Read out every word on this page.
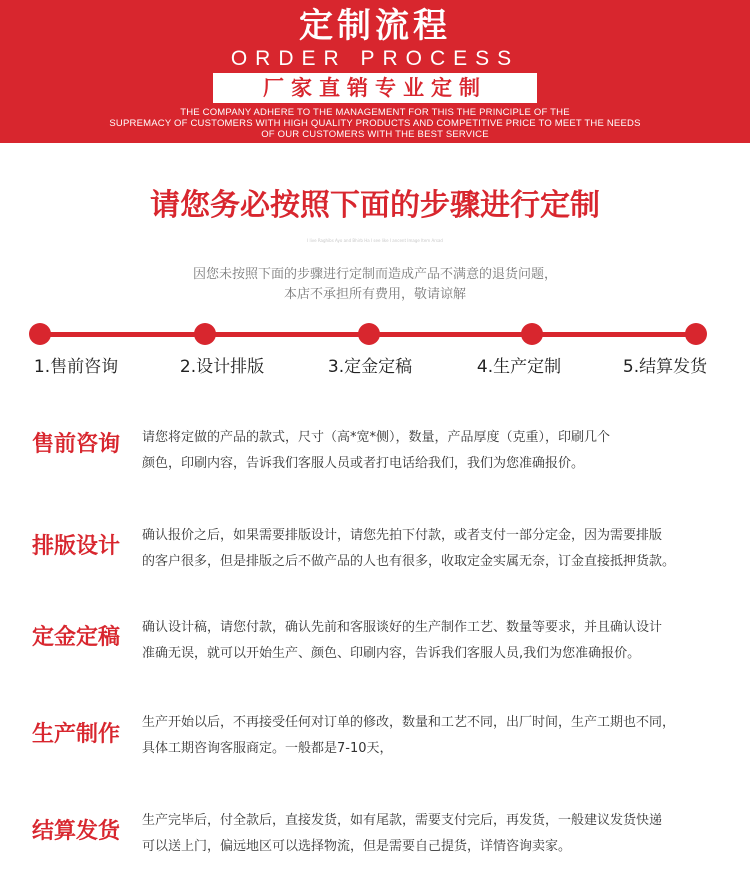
定制流程
ORDER PROCESS
厂家直销专业定制
THE COMPANY ADHERE TO THE MANAGEMENT FOR THIS THE PRINCIPLE OF THE
SUPREMACY OF CUSTOMERS WITH HIGH QUALITY PRODUCTS AND COMPETITIVE PRICE TO MEET THE NEEDS
OF OUR CUSTOMERS WITH THE BEST SERVICE
请您务必按照下面的步骤进行定制
I live Raghibs Ayo and Bhirb Ha I see like I ancent Image Item Arsad
因您未按照下面的步骤进行定制而造成产品不满意的退货问题，
本店不承担所有费用，敬请谅解
1.售前咨询	2.设计排版	3.定金定稿	4.生产定制	5.结算发货
售前咨询	请您将定做的产品的款式，尺寸（高*宽*侧），数量，产品厚度（克重），印刷几个
颜色，印刷内容，告诉我们客服人员或者打电话给我们，我们为您准确报价。
排版设计	确认报价之后，如果需要排版设计，请您先拍下付款，或者支付一部分定金，因为需要排版
的客户很多，但是排版之后不做产品的人也有很多，收取定金实属无奈，订金直接抵押货款。
定金定稿	确认设计稿，请您付款，确认先前和客服谈好的生产制作工艺、数量等要求，并且确认设计
准确无误，就可以开始生产、颜色、印刷内容，告诉我们客服人员,我们为您准确报价。
生产制作	生产开始以后，不再接受任何对订单的修改，数量和工艺不同，出厂时间，生产工期也不同，
具体工期咨询客服商定。一般都是7-10天，
结算发货	生产完毕后，付全款后，直接发货，如有尾款，需要支付完后，再发货，一般建议发货快递
可以送上门，偏远地区可以选择物流，但是需要自己提货，详情咨询卖家。
